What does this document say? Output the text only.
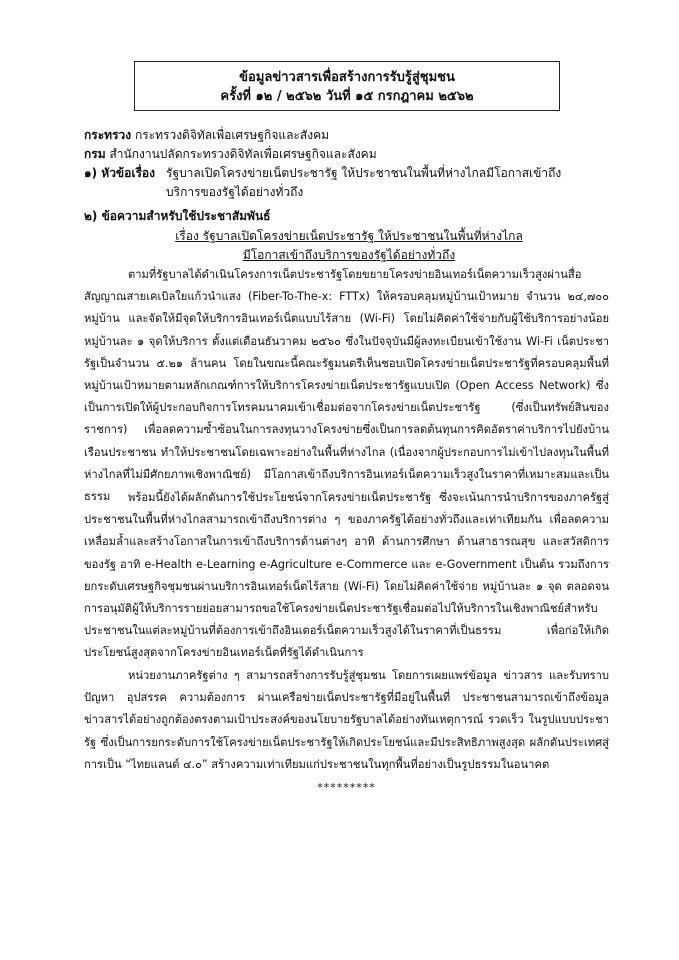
ข้อมูลข่าวสารเพื่อสร้างการรับรู้สู่ชุมชน
ครั้งที่ ๑๒ / ๒๕๖๒ วันที่ ๑๕ กรกฎาคม ๒๕๖๒
กระทรวง กระทรวงดิจิทัลเพื่อเศรษฐกิจและสังคม
กรม สำนักงานปลัดกระทรวงดิจิทัลเพื่อเศรษฐกิจและสังคม
๑) หัวข้อเรื่อง รัฐบาลเปิดโครงข่ายเน็ตประชารัฐ ให้ประชาชนในพื้นที่ห่างไกลมีโอกาสเข้าถึงบริการของรัฐได้อย่างทั่วถึง
๒) ข้อความสำหรับใช้ประชาสัมพันธ์
เรื่อง รัฐบาลเปิดโครงข่ายเน็ตประชารัฐ ให้ประชาชนในพื้นที่ห่างไกล
มีโอกาสเข้าถึงบริการของรัฐได้อย่างทั่วถึง

ตามที่รัฐบาลได้ดำเนินโครงการเน็ตประชารัฐโดยขยายโครงข่ายอินเทอร์เน็ตความเร็วสูงผ่านสื่อสัญญาณสายเคเบิลใยแก้วนำแสง (Fiber-To-The-x: FTTx) ให้ครอบคลุมหมู่บ้านเป้าหมาย จำนวน ๒๔,๗๐๐ หมู่บ้าน และจัดให้มีจุดให้บริการอินเทอร์เน็ตแบบไร้สาย (Wi-Fi) โดยไม่คิดค่าใช้จ่ายกับผู้ใช้บริการอย่างน้อยหมู่บ้านละ ๑ จุดให้บริการ ตั้งแต่เดือนธันวาคม ๒๕๖๐ ซึ่งในปัจจุบันมีผู้ลงทะเบียนเข้าใช้งาน Wi-Fi เน็ตประชารัฐเป็นจำนวน ๕.๒๑ ล้านคน โดยในขณะนี้คณะรัฐมนตรีเห็นชอบเปิดโครงข่ายเน็ตประชารัฐที่ครอบคลุมพื้นที่หมู่บ้านเป้าหมายตามหลักเกณฑ์การให้บริการโครงข่ายเน็ตประชารัฐแบบเปิด (Open Access Network) ซึ่งเป็นการเปิดให้ผู้ประกอบกิจการโทรคมนาคมเข้าเชื่อมต่อจากโครงข่ายเน็ตประชารัฐ (ซึ่งเป็นทรัพย์สินของราชการ) เพื่อลดความซ้ำซ้อนในการลงทุนวางโครงข่ายซึ่งเป็นการลดต้นทุนการคิดอัตราค่าบริการไปยังบ้านเรือนประชาชน ทำให้ประชาชนโดยเฉพาะอย่างในพื้นที่ห่างไกล (เนื่องจากผู้ประกอบการไม่เข้าไปลงทุนในพื้นที่ห่างไกลที่ไม่มีศักยภาพเชิงพาณิชย์) มีโอกาสเข้าถึงบริการอินเทอร์เน็ตความเร็วสูงในราคาที่เหมาะสมและเป็นธรรม	พร้อมนี้ยังได้ผลักดันการใช้ประโยชน์จากโครงข่ายเน็ตประชารัฐ ซึ่งจะเน้นการนำบริการของภาครัฐสู่ประชาชนในพื้นที่ห่างไกลสามารถเข้าถึงบริการต่าง ๆ ของภาครัฐได้อย่างทั่วถึงและเท่าเทียมกัน เพื่อลดความเหลื่อมล้ำและสร้างโอกาสในการเข้าถึงบริการด้านต่างๆ อาทิ ด้านการศึกษา ด้านสาธารณสุข และสวัสดิการของรัฐ อาทิ e-Health e-Learning e-Agriculture e-Commerce และ e-Government เป็นต้น รวมถึงการยกระดับเศรษฐกิจชุมชนผ่านบริการอินเทอร์เน็ตไร้สาย (Wi-Fi) โดยไม่คิดค่าใช้จ่าย หมู่บ้านละ ๑ จุด ตลอดจนการอนุมัติผู้ให้บริการรายย่อยสามารถขอใช้โครงข่ายเน็ตประชารัฐเชื่อมต่อไปให้บริการในเชิงพาณิชย์สำหรับประชาชนในแต่ละหมู่บ้านที่ต้องการเข้าถึงอินเตอร์เน็ตความเร็วสูงได้ในราคาที่เป็นธรรม เพื่อก่อให้เกิดประโยชน์สูงสุดจากโครงข่ายอินเทอร์เน็ตที่รัฐได้ดำเนินการ

หน่วยงานภาครัฐต่าง ๆ สามารถสร้างการรับรู้สู่ชุมชน โดยการเผยแพร่ข้อมูล ข่าวสาร และรับทราบปัญหา อุปสรรค ความต้องการ ผ่านเครือข่ายเน็ตประชารัฐที่มีอยู่ในพื้นที่ ประชาชนสามารถเข้าถึงข้อมูลข่าวสารได้อย่างถูกต้องตรงตามเป้าประสงค์ของนโยบายรัฐบาลได้อย่างทันเหตุการณ์ รวดเร็ว ในรูปแบบประชารัฐ ซึ่งเป็นการยกระดับการใช้โครงข่ายเน็ตประชารัฐให้เกิดประโยชน์และมีประสิทธิภาพสูงสุด ผลักดันประเทศสู่การเป็น “ไทยแลนด์ ๔.๐” สร้างความเท่าเทียมแก่ประชาชนในทุกพื้นที่อย่างเป็นรูปธรรมในอนาคต

*********
